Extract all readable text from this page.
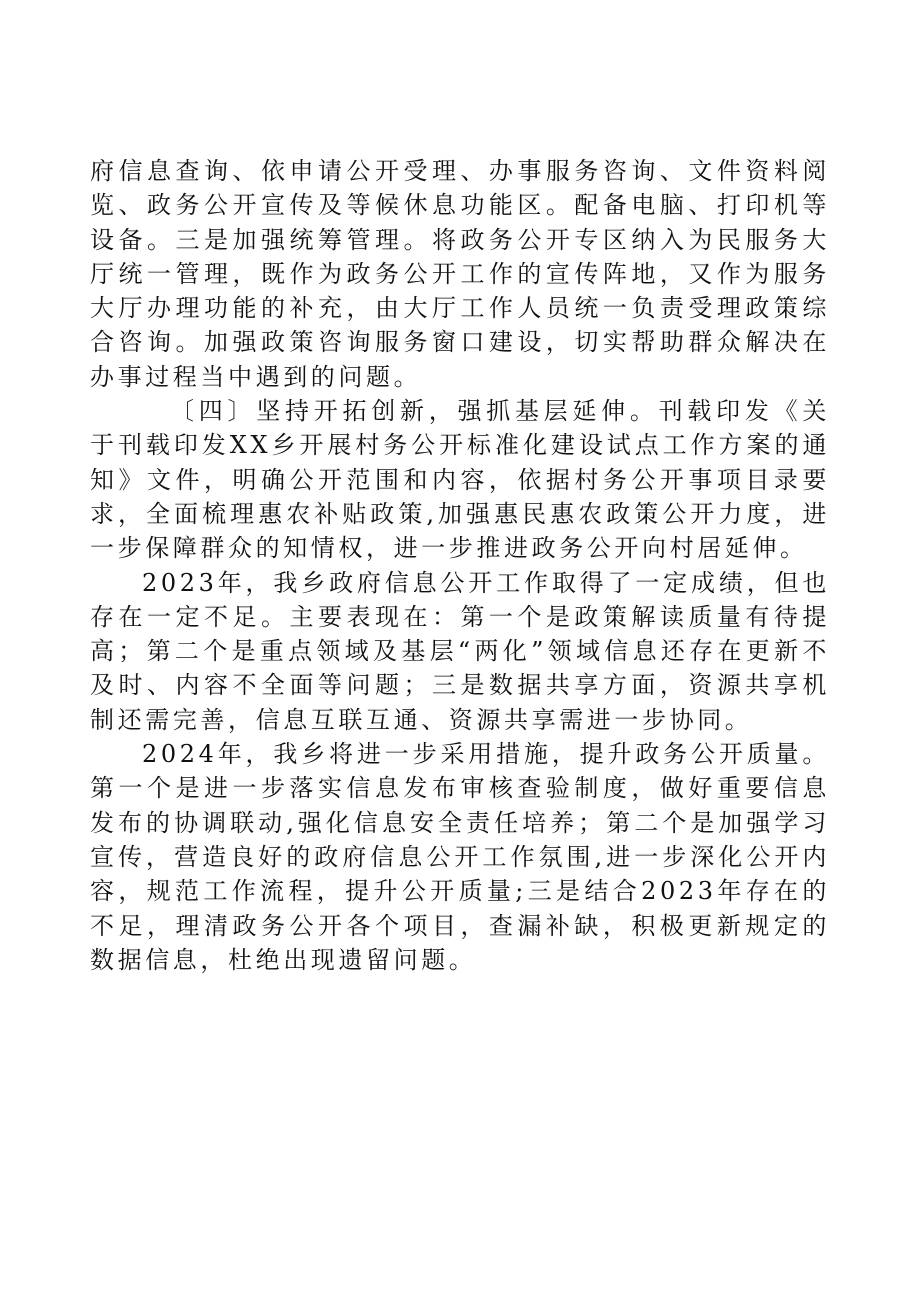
府信息查询、依申请公开受理、办事服务咨询、文件资料阅览、政务公开宣传及等候休息功能区。配备电脑、打印机等设备。三是加强统筹管理。将政务公开专区纳入为民服务大厅统一管理，既作为政务公开工作的宣传阵地，又作为服务大厅办理功能的补充，由大厅工作人员统一负责受理政策综合咨询。加强政策咨询服务窗口建设，切实帮助群众解决在办事过程当中遇到的问题。

〔四〕坚持开拓创新，强抓基层延伸。刊载印发《关于刊载印发XX乡开展村务公开标准化建设试点工作方案的通知》文件，明确公开范围和内容，依据村务公开事项目录要求，全面梳理惠农补贴政策,加强惠民惠农政策公开力度，进一步保障群众的知情权，进一步推进政务公开向村居延伸。

2023年，我乡政府信息公开工作取得了一定成绩，但也存在一定不足。主要表现在：第一个是政策解读质量有待提高；第二个是重点领域及基层“两化”领域信息还存在更新不及时、内容不全面等问题；三是数据共享方面，资源共享机制还需完善，信息互联互通、资源共享需进一步协同。

2024年，我乡将进一步采用措施，提升政务公开质量。第一个是进一步落实信息发布审核查验制度，做好重要信息发布的协调联动,强化信息安全责任培养；第二个是加强学习宣传，营造良好的政府信息公开工作氛围,进一步深化公开内容，规范工作流程，提升公开质量;三是结合2023年存在的不足，理清政务公开各个项目，查漏补缺，积极更新规定的数据信息，杜绝出现遗留问题。
